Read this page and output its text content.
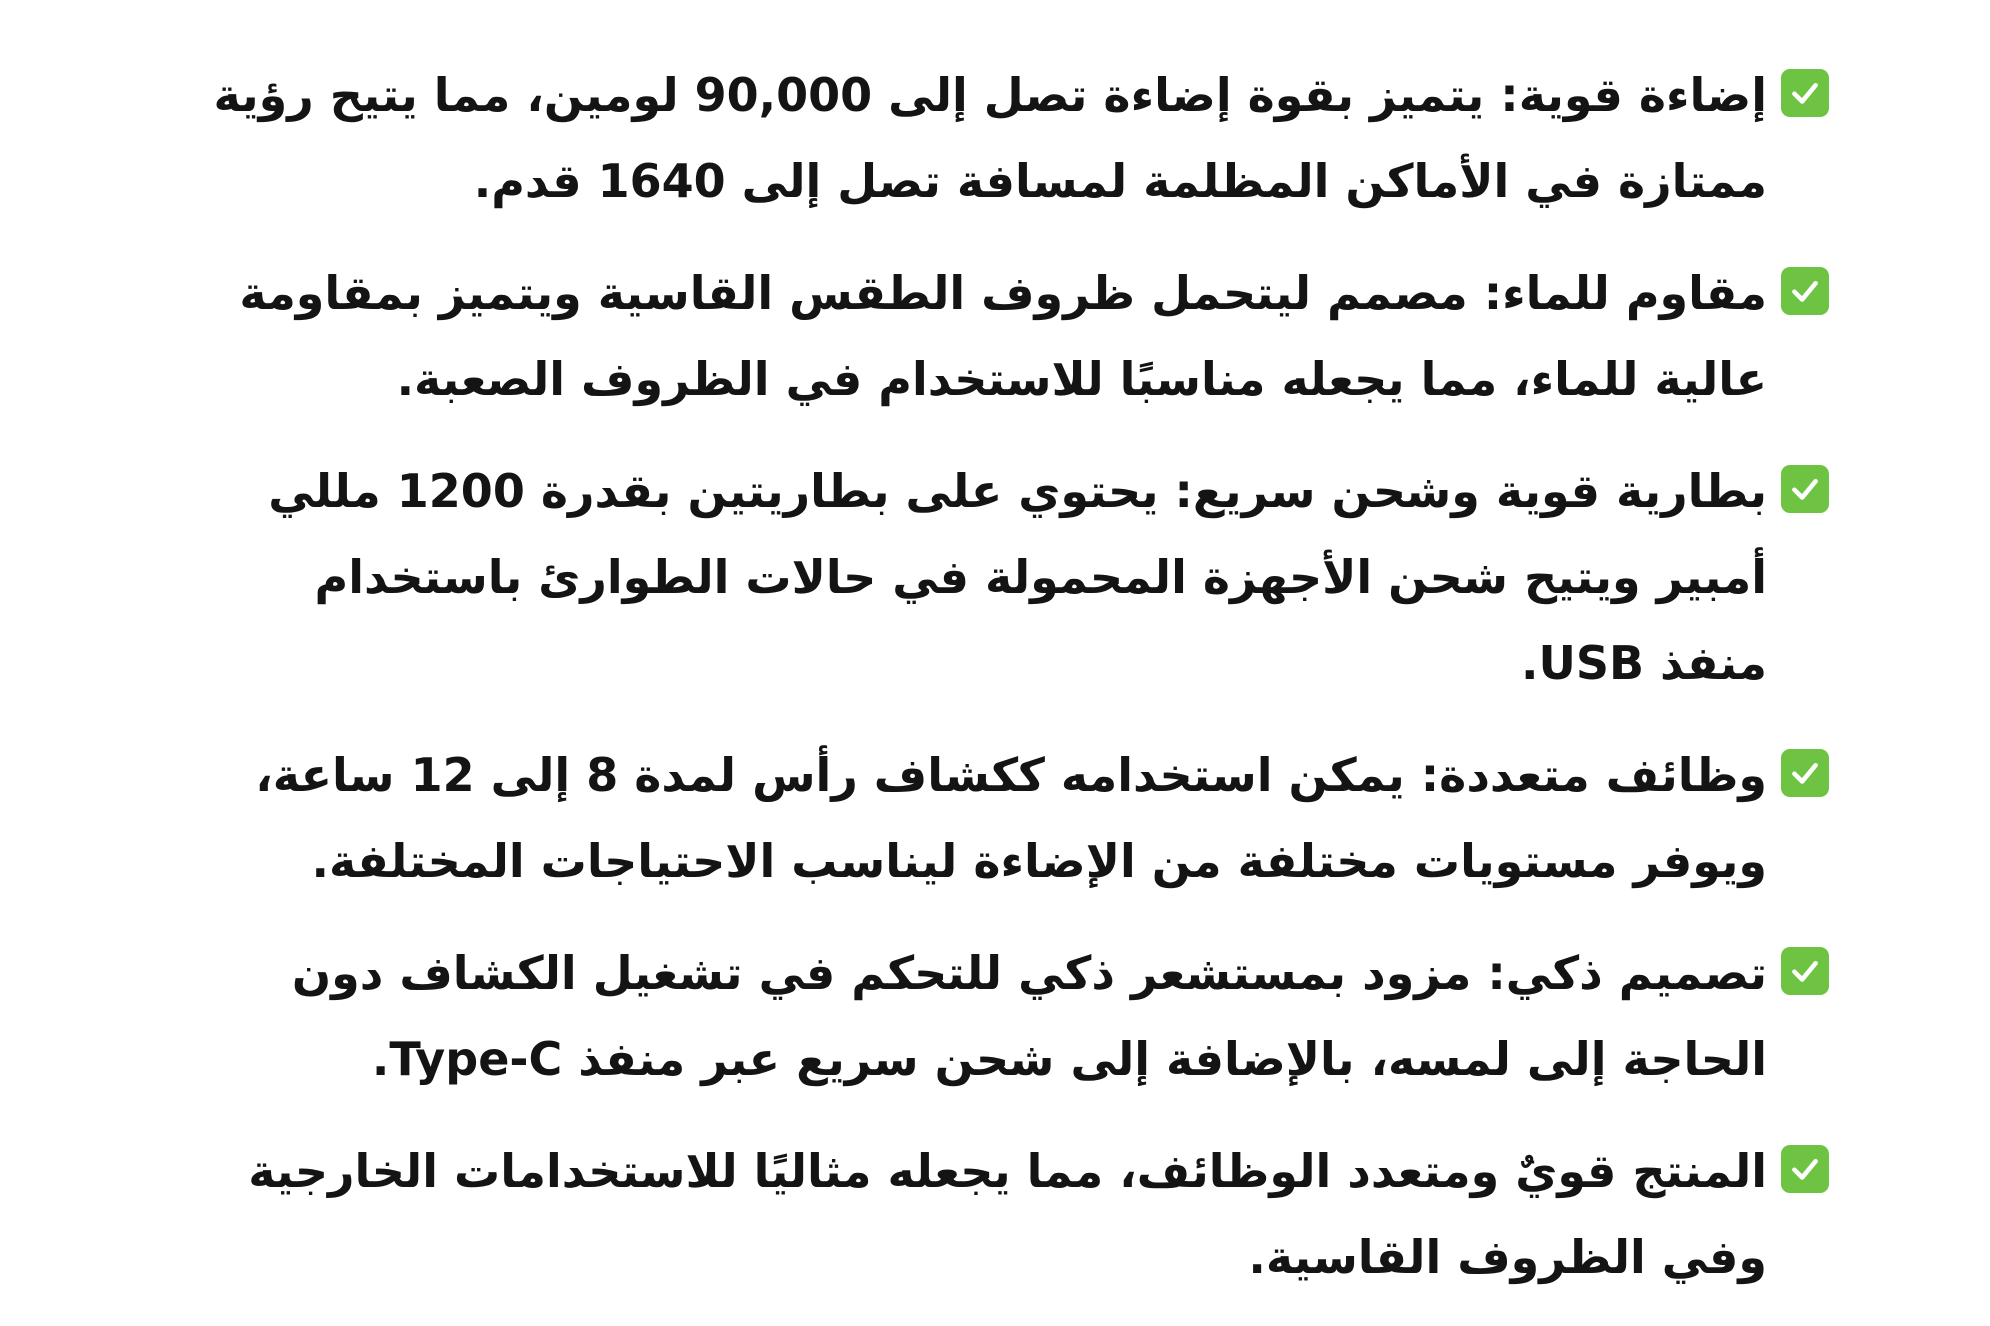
إضاءة قوية: يتميز بقوة إضاءة تصل إلى 90,000 لومين، مما يتيح رؤية ممتازة في الأماكن المظلمة لمسافة تصل إلى 1640 قدم.
مقاوم للماء: مصمم ليتحمل ظروف الطقس القاسية ويتميز بمقاومة عالية للماء، مما يجعله مناسبًا للاستخدام في الظروف الصعبة.
بطارية قوية وشحن سريع: يحتوي على بطاريتين بقدرة 1200 مللي أمبير ويتيح شحن الأجهزة المحمولة في حالات الطوارئ باستخدام منفذ USB.
وظائف متعددة: يمكن استخدامه ككشاف رأس لمدة 8 إلى 12 ساعة، ويوفر مستويات مختلفة من الإضاءة ليناسب الاحتياجات المختلفة.
تصميم ذكي: مزود بمستشعر ذكي للتحكم في تشغيل الكشاف دون الحاجة إلى لمسه، بالإضافة إلى شحن سريع عبر منفذ Type-C.
المنتج قويٌ ومتعدد الوظائف، مما يجعله مثاليًا للاستخدامات الخارجية وفي الظروف القاسية.
